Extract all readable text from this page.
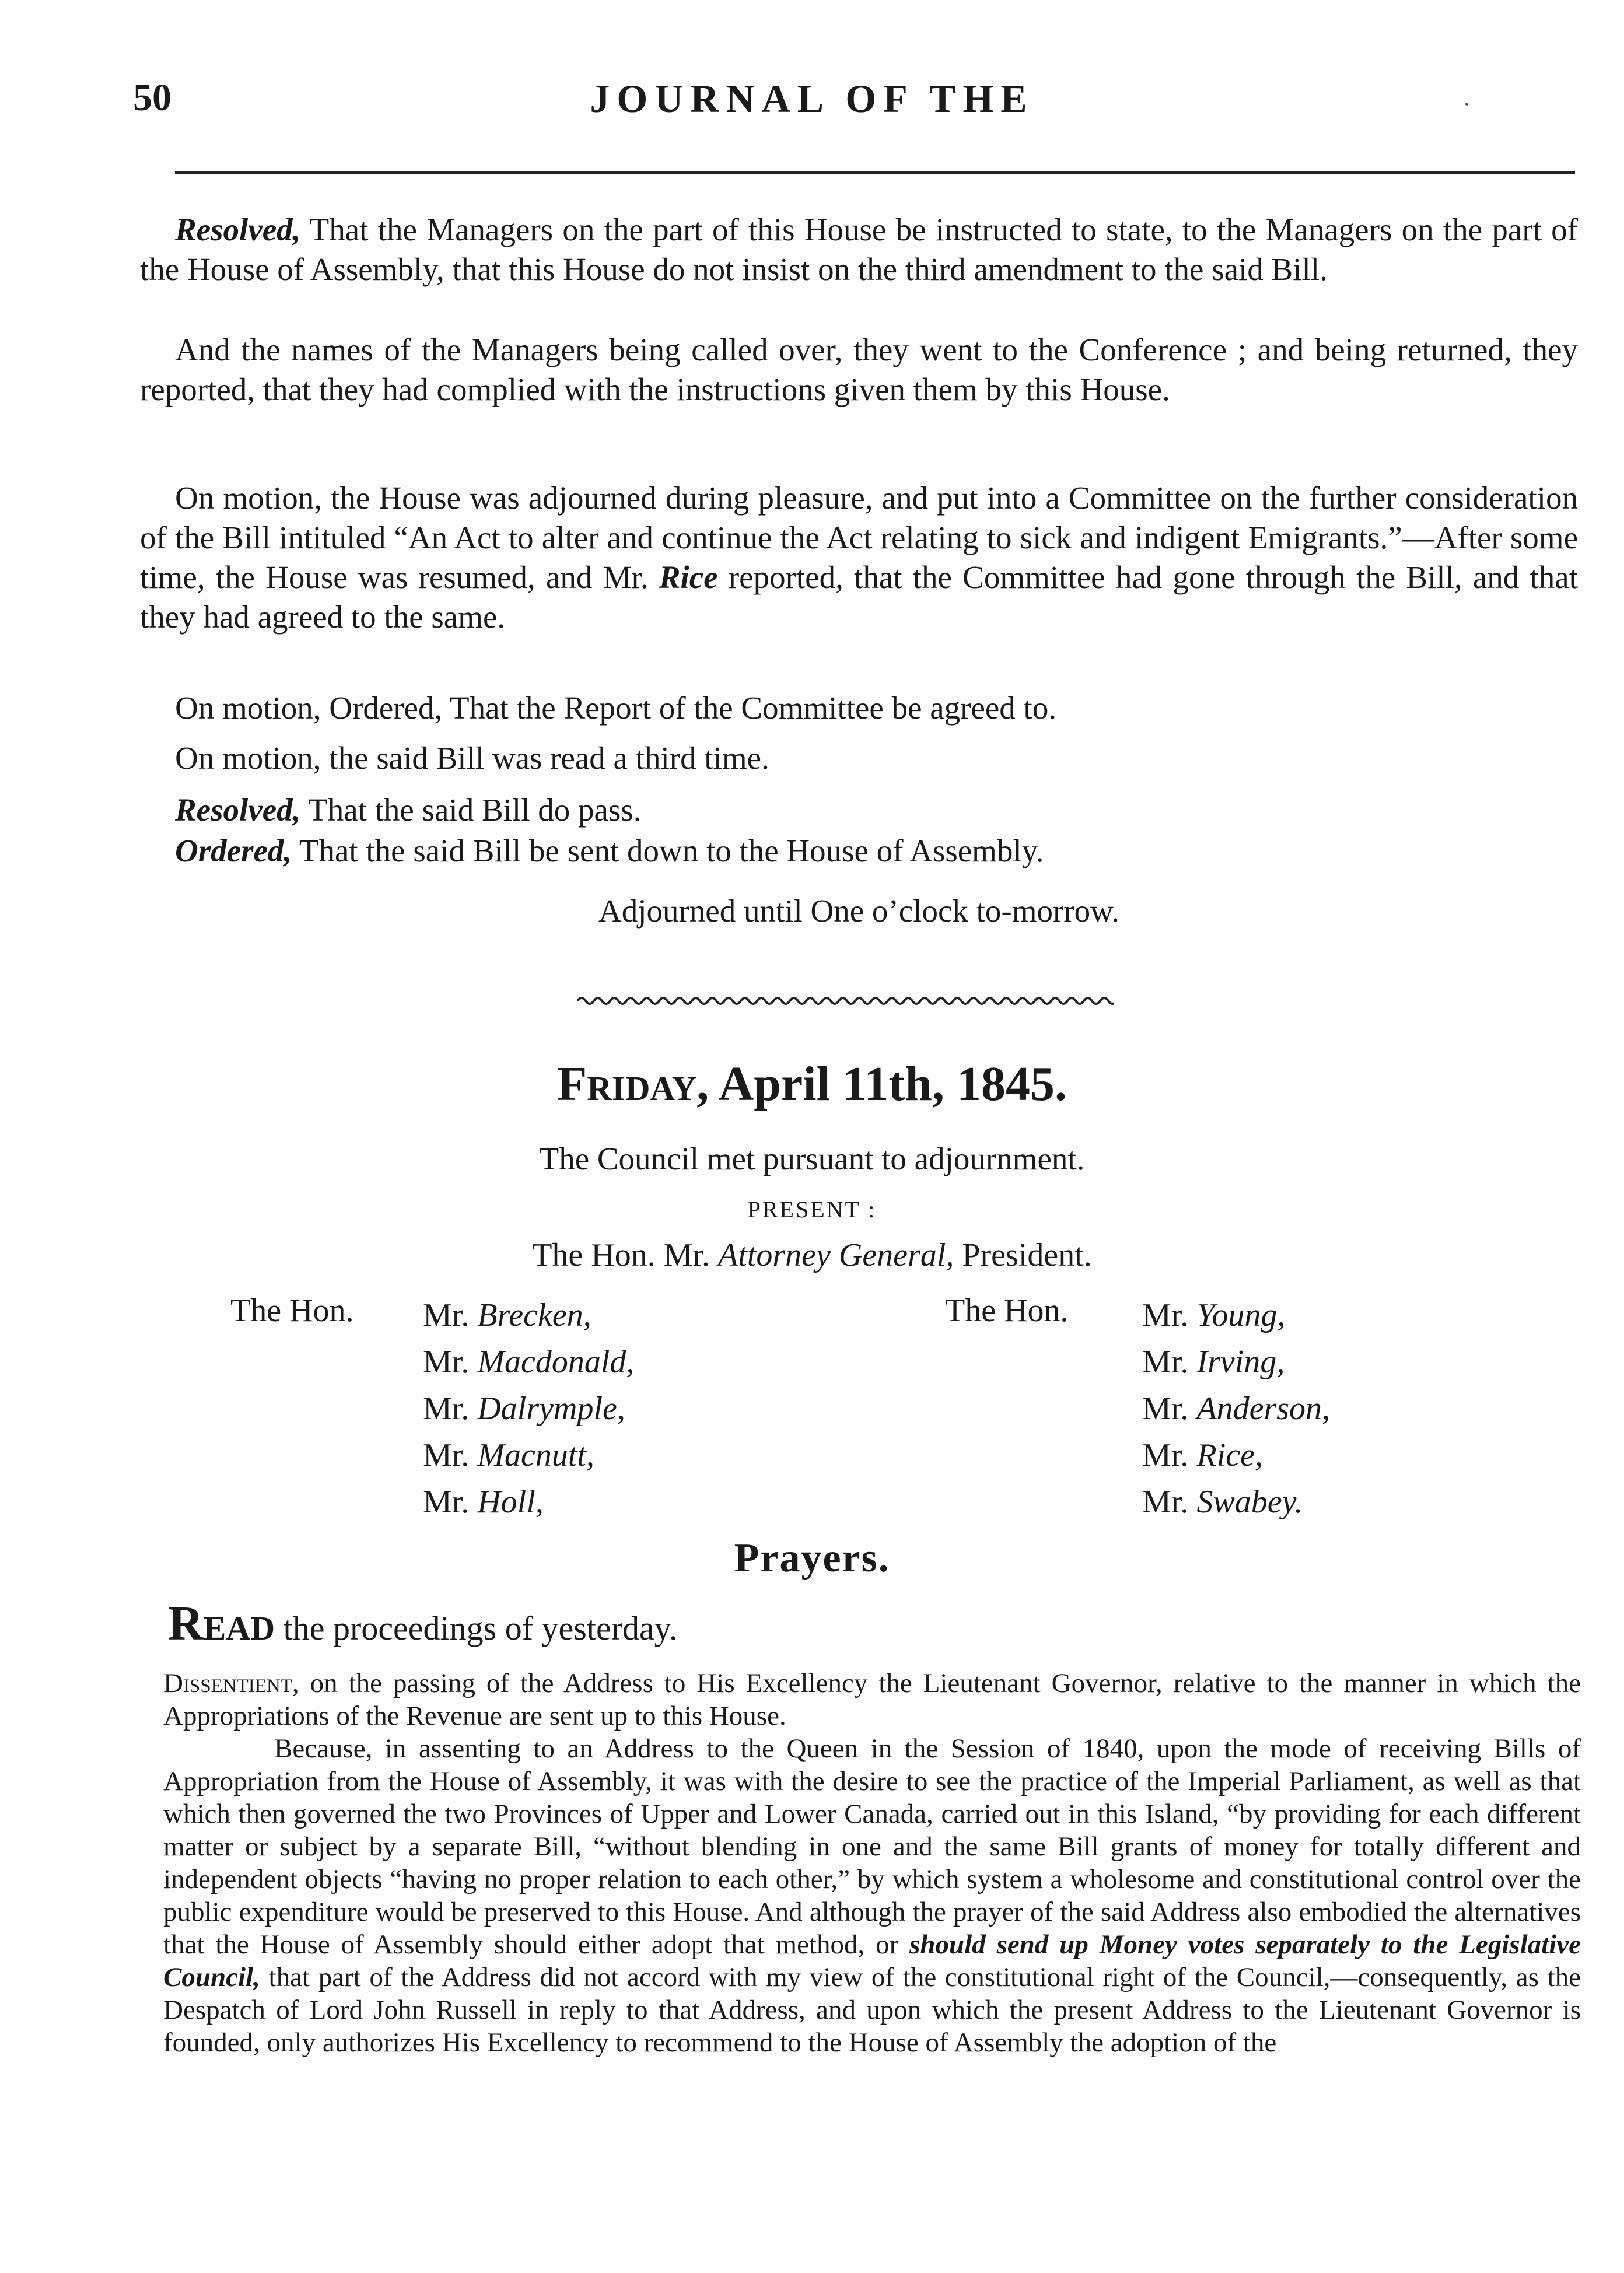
50	JOURNAL OF THE
Resolved, That the Managers on the part of this House be instructed to state, to the Managers on the part of the House of Assembly, that this House do not insist on the third amendment to the said Bill.
And the names of the Managers being called over, they went to the Conference ; and being returned, they reported, that they had complied with the instructions given them by this House.
On motion, the House was adjourned during pleasure, and put into a Committee on the further consideration of the Bill intituled “An Act to alter and continue the Act relating to sick and indigent Emigrants.”—After some time, the House was resumed, and Mr. Rice reported, that the Committee had gone through the Bill, and that they had agreed to the same.
On motion, Ordered, That the Report of the Committee be agreed to.
On motion, the said Bill was read a third time.
Resolved, That the said Bill do pass.
Ordered, That the said Bill be sent down to the House of Assembly.
Adjourned until One o’clock to-morrow.
Friday, April 11th, 1845.
The Council met pursuant to adjournment.
PRESENT :
The Hon. Mr. Attorney General, President.
The Hon.	The Hon.
Mr. Brecken,
Mr. Macdonald,
Mr. Dalrymple,
Mr. Macnutt,
Mr. Holl,
Mr. Young,
Mr. Irving,
Mr. Anderson,
Mr. Rice,
Mr. Swabey.
Prayers.
READ the proceedings of yesterday.
Dissentient, on the passing of the Address to His Excellency the Lieutenant Governor, relative to the manner in which the Appropriations of the Revenue are sent up to this House.
Because, in assenting to an Address to the Queen in the Session of 1840, upon the mode of receiving Bills of Appropriation from the House of Assembly, it was with the desire to see the practice of the Imperial Parliament, as well as that which then governed the two Provinces of Upper and Lower Canada, carried out in this Island, “by providing for each different matter or subject by a separate Bill, “without blending in one and the same Bill grants of money for totally different and independent objects “having no proper relation to each other,” by which system a wholesome and constitutional control over the public expenditure would be preserved to this House. And although the prayer of the said Address also embodied the alternatives that the House of Assembly should either adopt that method, or should send up Money votes separately to the Legislative Council, that part of the Address did not accord with my view of the constitutional right of the Council,—consequently, as the Despatch of Lord John Russell in reply to that Address, and upon which the present Address to the Lieutenant Governor is founded, only authorizes His Excellency to recommend to the House of Assembly the adoption of the
